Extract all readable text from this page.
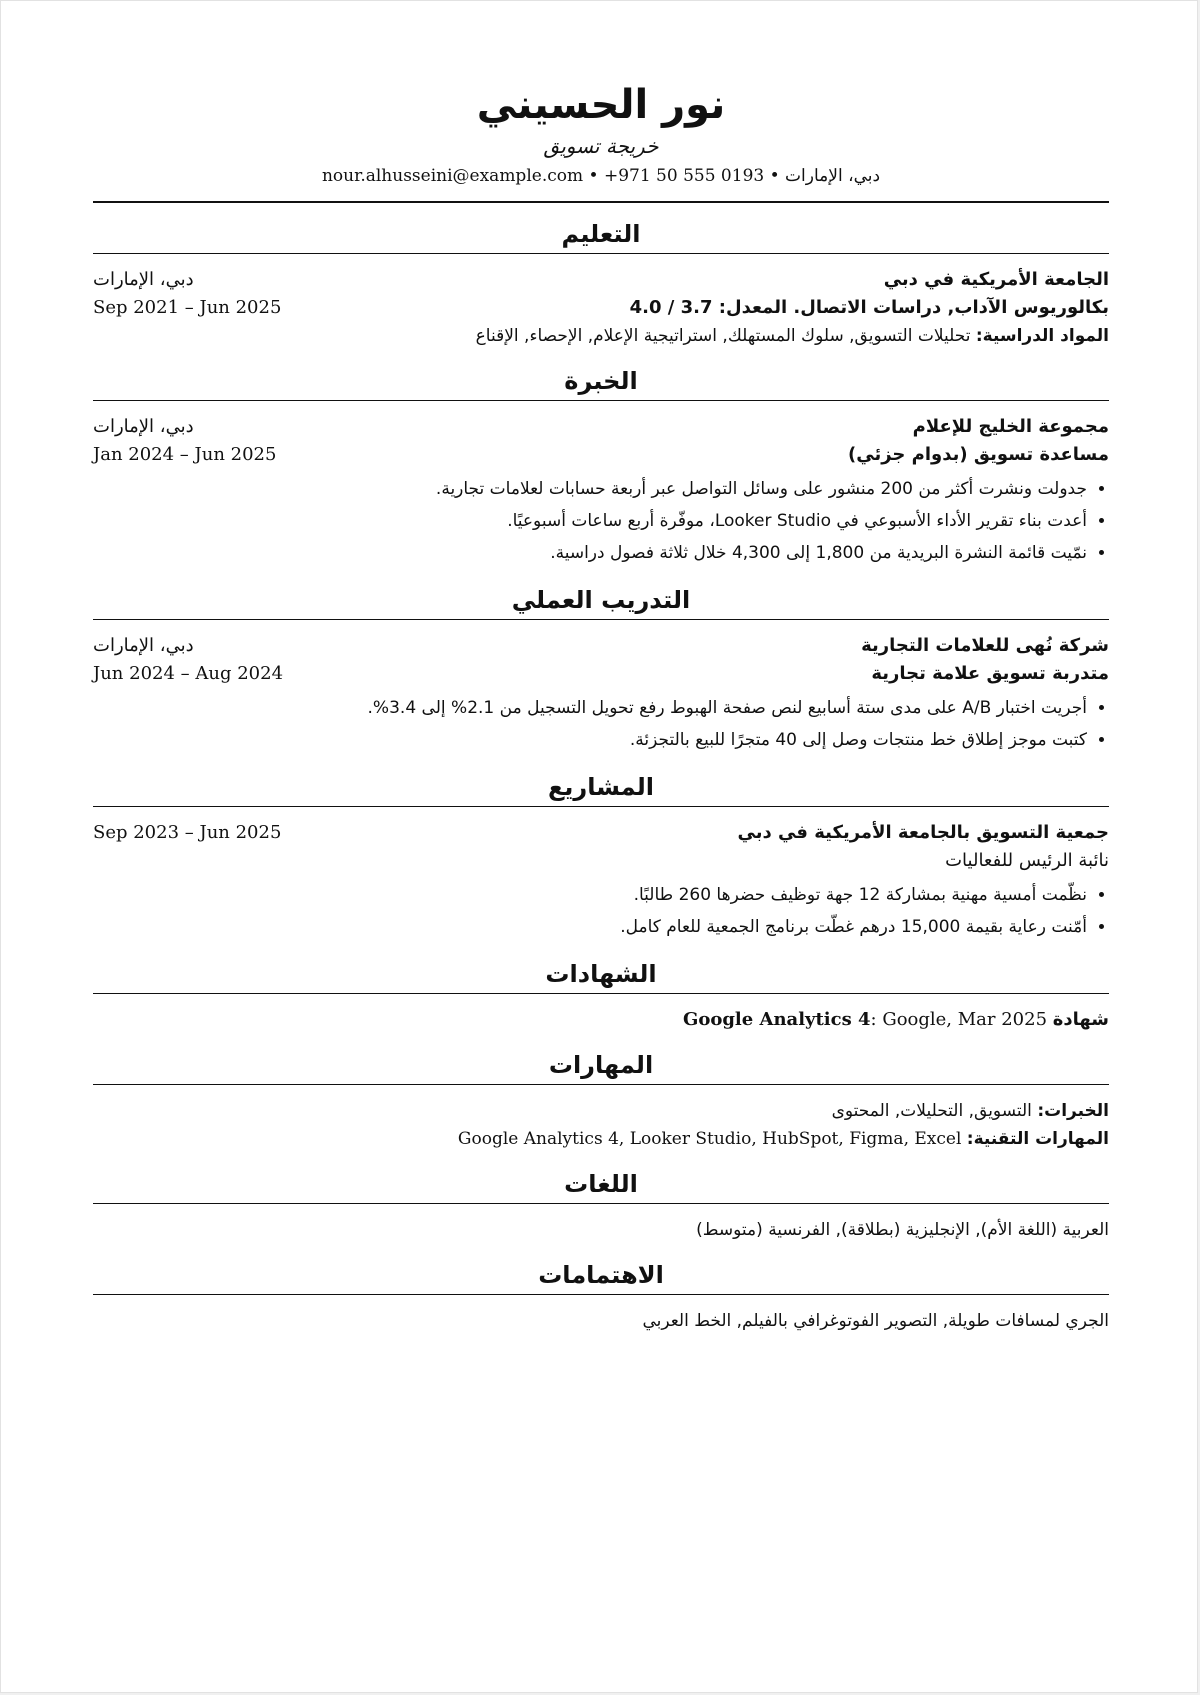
نور الحسيني
خريجة تسويق
دبي، الإمارات • +971 50 555 0193 • nour.alhusseini@example.com
التعليم
الجامعة الأمريكية في دبي
دبي، الإمارات
بكالوريوس الآداب, دراسات الاتصال. المعدل: 3.7 / 4.0
Sep 2021 – Jun 2025
المواد الدراسية: تحليلات التسويق, سلوك المستهلك, استراتيجية الإعلام, الإحصاء, الإقناع
الخبرة
مجموعة الخليج للإعلام
دبي، الإمارات
مساعدة تسويق (بدوام جزئي)
Jan 2024 – Jun 2025
• جدولت ونشرت أكثر من 200 منشور على وسائل التواصل عبر أربعة حسابات لعلامات تجارية.
• أعدت بناء تقرير الأداء الأسبوعي في Looker Studio، موفّرة أربع ساعات أسبوعيًا.
• نمّيت قائمة النشرة البريدية من 1,800 إلى 4,300 خلال ثلاثة فصول دراسية.
التدريب العملي
شركة نُهى للعلامات التجارية
دبي، الإمارات
متدربة تسويق علامة تجارية
Jun 2024 – Aug 2024
• أجريت اختبار A/B على مدى ستة أسابيع لنص صفحة الهبوط رفع تحويل التسجيل من 2.1% إلى 3.4%.
• كتبت موجز إطلاق خط منتجات وصل إلى 40 متجرًا للبيع بالتجزئة.
المشاريع
جمعية التسويق بالجامعة الأمريكية في دبي
Sep 2023 – Jun 2025
نائبة الرئيس للفعاليات
• نظّمت أمسية مهنية بمشاركة 12 جهة توظيف حضرها 260 طالبًا.
• أمّنت رعاية بقيمة 15,000 درهم غطّت برنامج الجمعية للعام كامل.
الشهادات
شهادة Google Analytics 4: Google, Mar 2025
المهارات
الخبرات: التسويق, التحليلات, المحتوى
المهارات التقنية: Google Analytics 4, Looker Studio, HubSpot, Figma, Excel
اللغات
العربية (اللغة الأم), الإنجليزية (بطلاقة), الفرنسية (متوسط)
الاهتمامات
الجري لمسافات طويلة, التصوير الفوتوغرافي بالفيلم, الخط العربي
